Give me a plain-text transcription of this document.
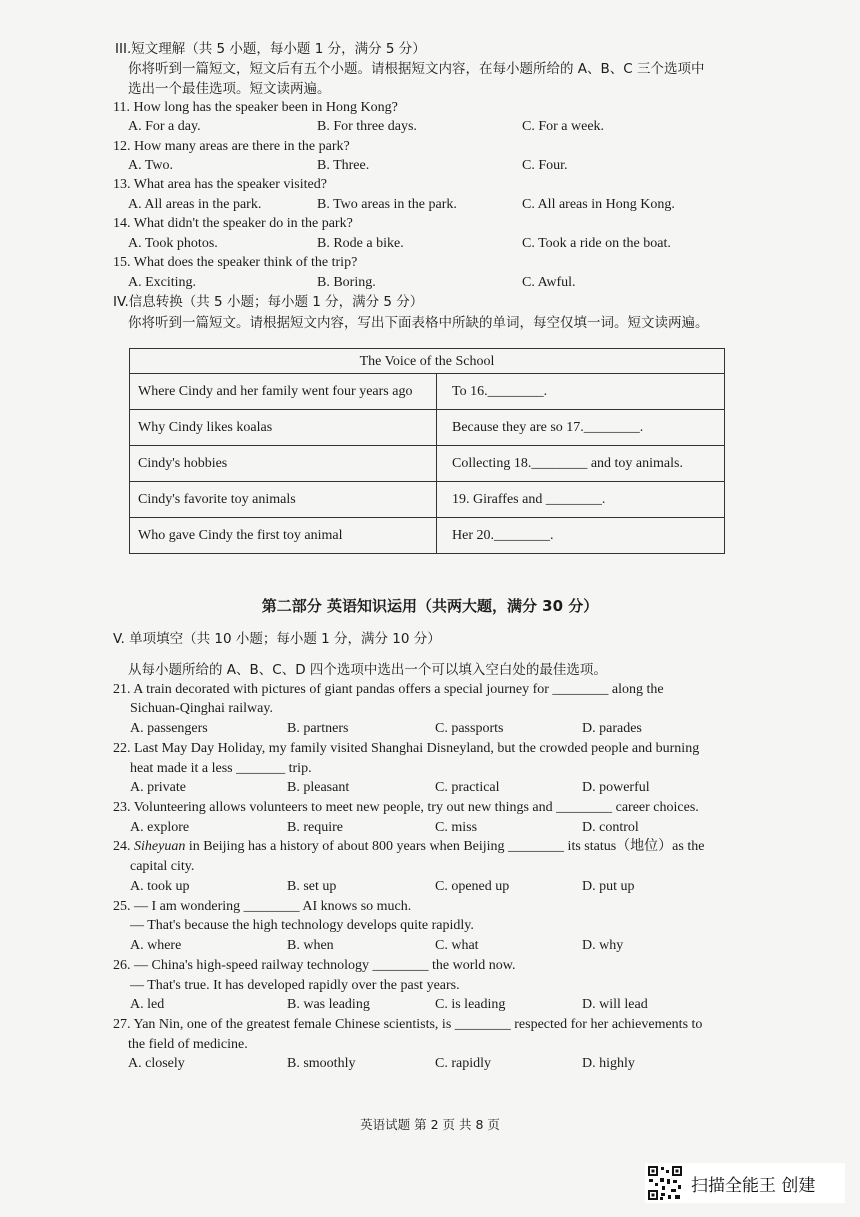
III.短文理解（共 5 小题，每小题 1 分，满分 5 分）
你将听到一篇短文，短文后有五个小题。请根据短文内容，在每小题所给的 A、B、C 三个选项中
选出一个最佳选项。短文读两遍。
11. How long has the speaker been in Hong Kong?
A. For a day.	B. For three days.	C. For a week.
12. How many areas are there in the park?
A. Two.	B. Three.	C. Four.
13. What area has the speaker visited?
A. All areas in the park.	B. Two areas in the park.	C. All areas in Hong Kong.
14. What didn't the speaker do in the park?
A. Took photos.	B. Rode a bike.	C. Took a ride on the boat.
15. What does the speaker think of the trip?
A. Exciting.	B. Boring.	C. Awful.
IV.信息转换（共 5 小题；每小题 1 分，满分 5 分）
你将听到一篇短文。请根据短文内容，写出下面表格中所缺的单词，每空仅填一词。短文读两遍。
The Voice of the School
Where Cindy and her family went four years ago	To 16.________.
Why Cindy likes koalas	Because they are so 17.________.
Cindy's hobbies	Collecting 18.________ and toy animals.
Cindy's favorite toy animals	19. Giraffes and ________.
Who gave Cindy the first toy animal	Her 20.________.
第二部分 英语知识运用（共两大题，满分 30 分）
V. 单项填空（共 10 小题；每小题 1 分，满分 10 分）
从每小题所给的 A、B、C、D 四个选项中选出一个可以填入空白处的最佳选项。
21. A train decorated with pictures of giant pandas offers a special journey for ________ along the
Sichuan-Qinghai railway.
A. passengers	B. partners	C. passports	D. parades
22. Last May Day Holiday, my family visited Shanghai Disneyland, but the crowded people and burning
heat made it a less _______ trip.
A. private	B. pleasant	C. practical	D. powerful
23. Volunteering allows volunteers to meet new people, try out new things and ________ career choices.
A. explore	B. require	C. miss	D. control
24. Siheyuan in Beijing has a history of about 800 years when Beijing ________ its status（地位）as the
capital city.
A. took up	B. set up	C. opened up	D. put up
25. — I am wondering ________ AI knows so much.
— That's because the high technology develops quite rapidly.
A. where	B. when	C. what	D. why
26. — China's high-speed railway technology ________ the world now.
— That's true. It has developed rapidly over the past years.
A. led	B. was leading	C. is leading	D. will lead
27. Yan Nin, one of the greatest female Chinese scientists, is ________ respected for her achievements to
the field of medicine.
A. closely	B. smoothly	C. rapidly	D. highly
英语试题 第 2 页 共 8 页
扫描全能王 创建
